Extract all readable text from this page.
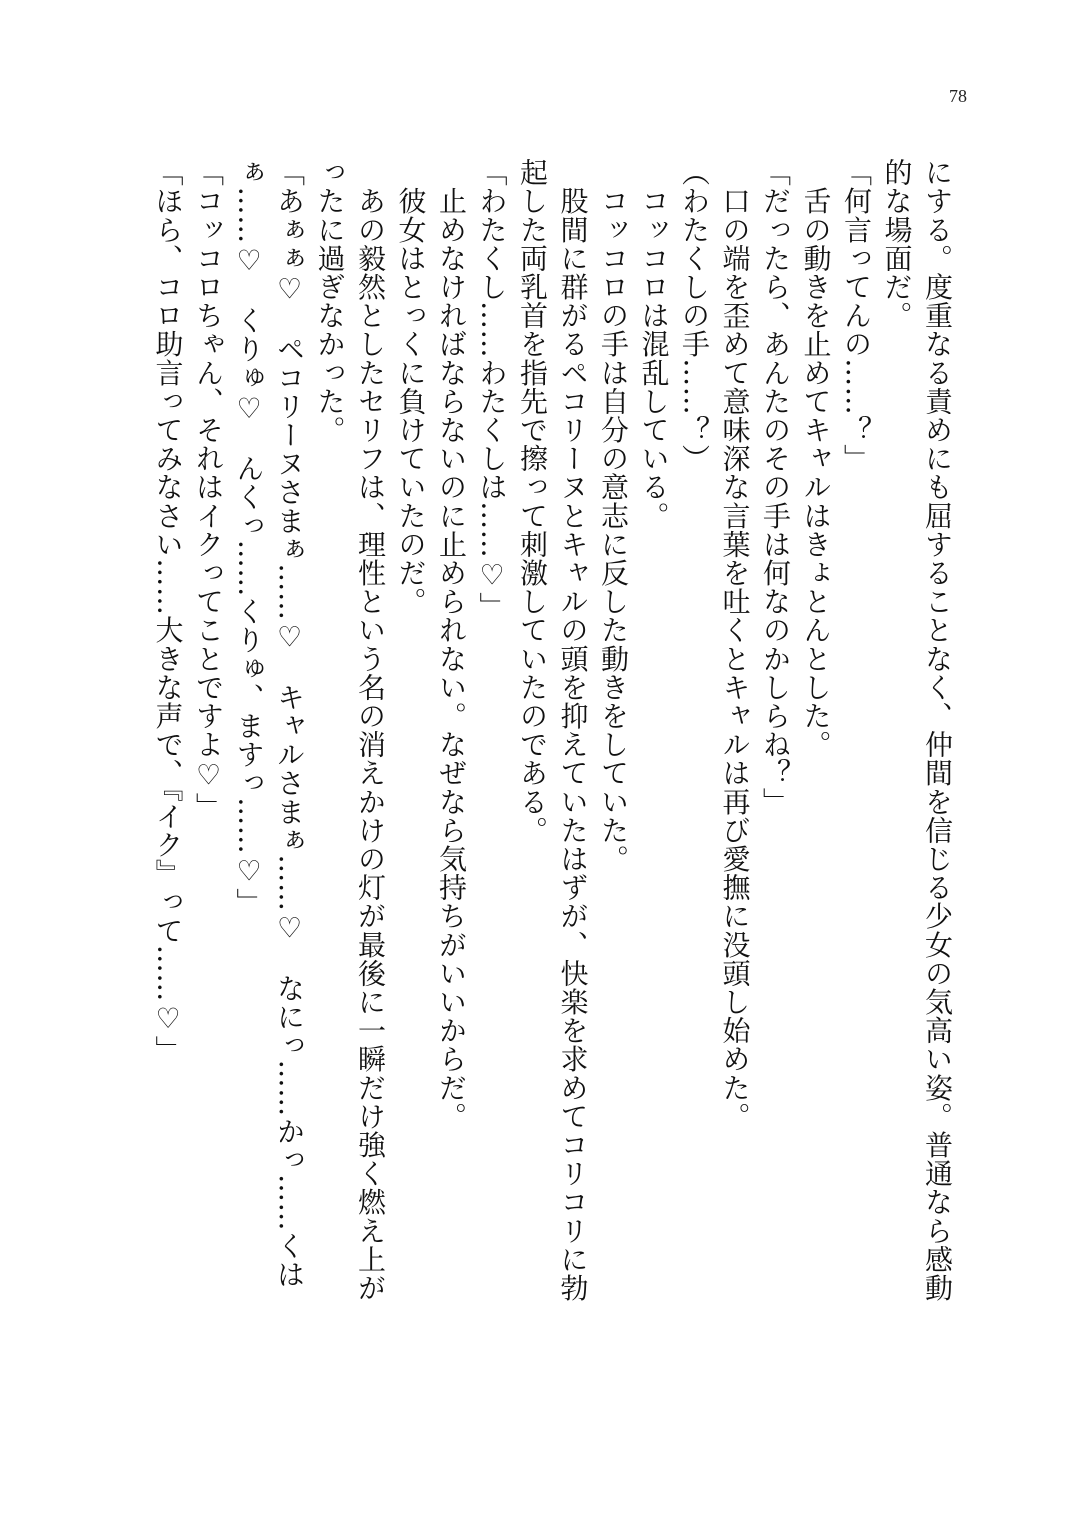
78
にする。度重なる責めにも屈することなく、仲間を信じる少女の気高い姿。普通なら感動
的な場面だ。
「何言ってんの……？」
　舌の動きを止めてキャルはきょとんとした。
「だったら、あんたのその手は何なのかしらね？」
　口の端を歪めて意味深な言葉を吐くとキャルは再び愛撫に没頭し始めた。
（わたくしの手……？）
　コッコロは混乱している。
　コッコロの手は自分の意志に反した動きをしていた。
　股間に群がるペコリーヌとキャルの頭を抑えていたはずが、快楽を求めてコリコリに勃
起した両乳首を指先で擦って刺激していたのである。
「わたくし……わたくしは……♡」
　止めなければならないのに止められない。なぜなら気持ちがいいからだ。
　彼女はとっくに負けていたのだ。
　あの毅然としたセリフは、理性という名の消えかけの灯が最後に一瞬だけ強く燃え上が
ったに過ぎなかった。
「あぁぁ♡　ペコリーヌさまぁ……♡　キャルさまぁ……♡　なにっ……かっ……くは
ぁ……♡　くりゅ♡　んくっ……くりゅ、ますっ……♡」
「コッコロちゃん、それはイクってことですよ♡」
「ほら、コロ助言ってみなさい……大きな声で、『イク』って……♡」
